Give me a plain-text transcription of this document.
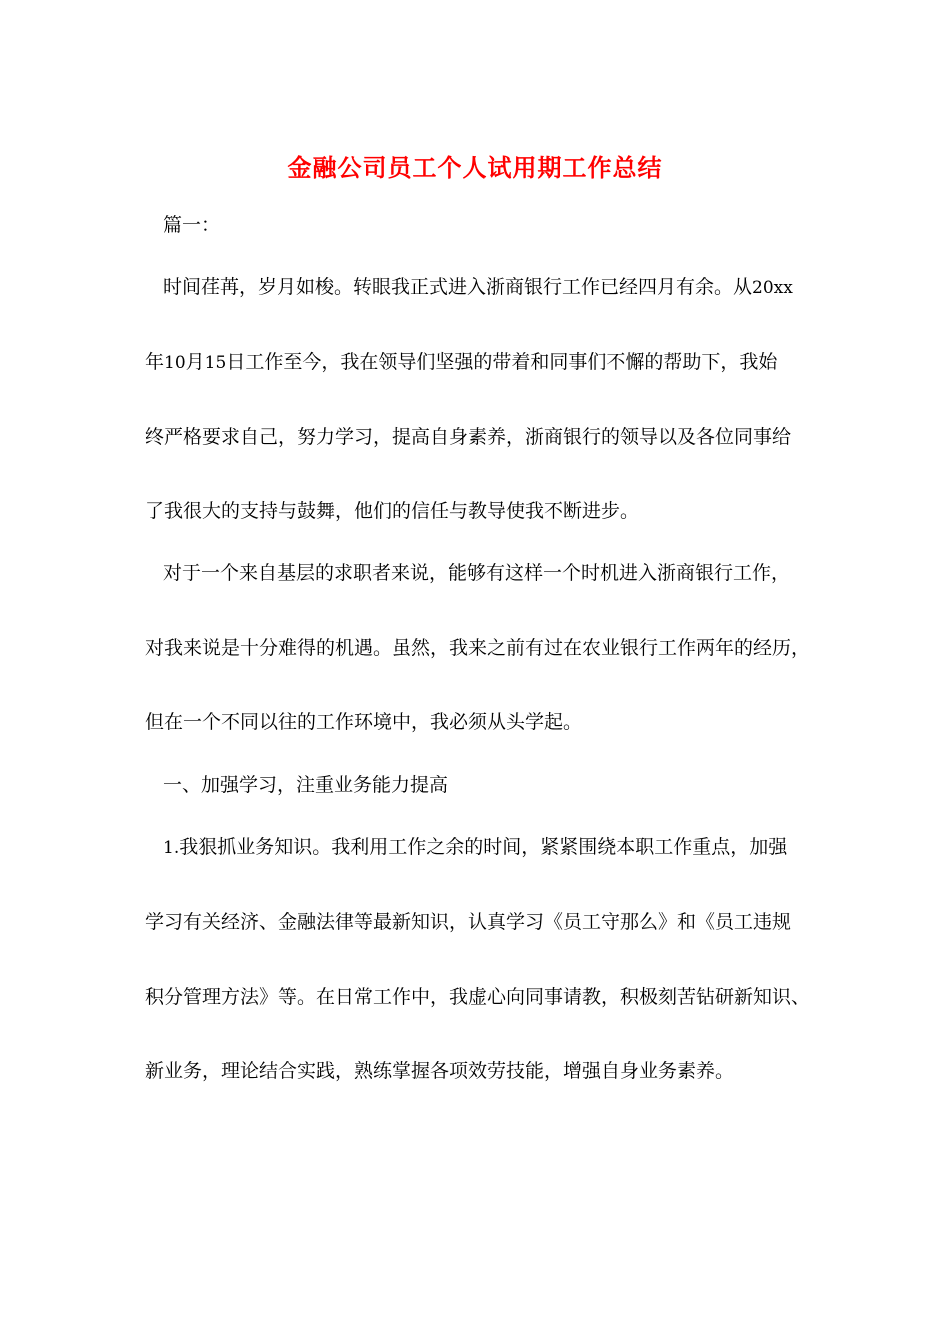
金融公司员工个人试用期工作总结
篇一：
时间荏苒，岁月如梭。转眼我正式进入浙商银行工作已经四月有余。从20xx
年10月15日工作至今，我在领导们坚强的带着和同事们不懈的帮助下，我始
终严格要求自己，努力学习，提高自身素养，浙商银行的领导以及各位同事给
了我很大的支持与鼓舞，他们的信任与教导使我不断进步。
对于一个来自基层的求职者来说，能够有这样一个时机进入浙商银行工作，
对我来说是十分难得的机遇。虽然，我来之前有过在农业银行工作两年的经历，
但在一个不同以往的工作环境中，我必须从头学起。
一、加强学习，注重业务能力提高
1.我狠抓业务知识。我利用工作之余的时间，紧紧围绕本职工作重点，加强
学习有关经济、金融法律等最新知识，认真学习《员工守那么》和《员工违规
积分管理方法》等。在日常工作中，我虚心向同事请教，积极刻苦钻研新知识、
新业务，理论结合实践，熟练掌握各项效劳技能，增强自身业务素养。
